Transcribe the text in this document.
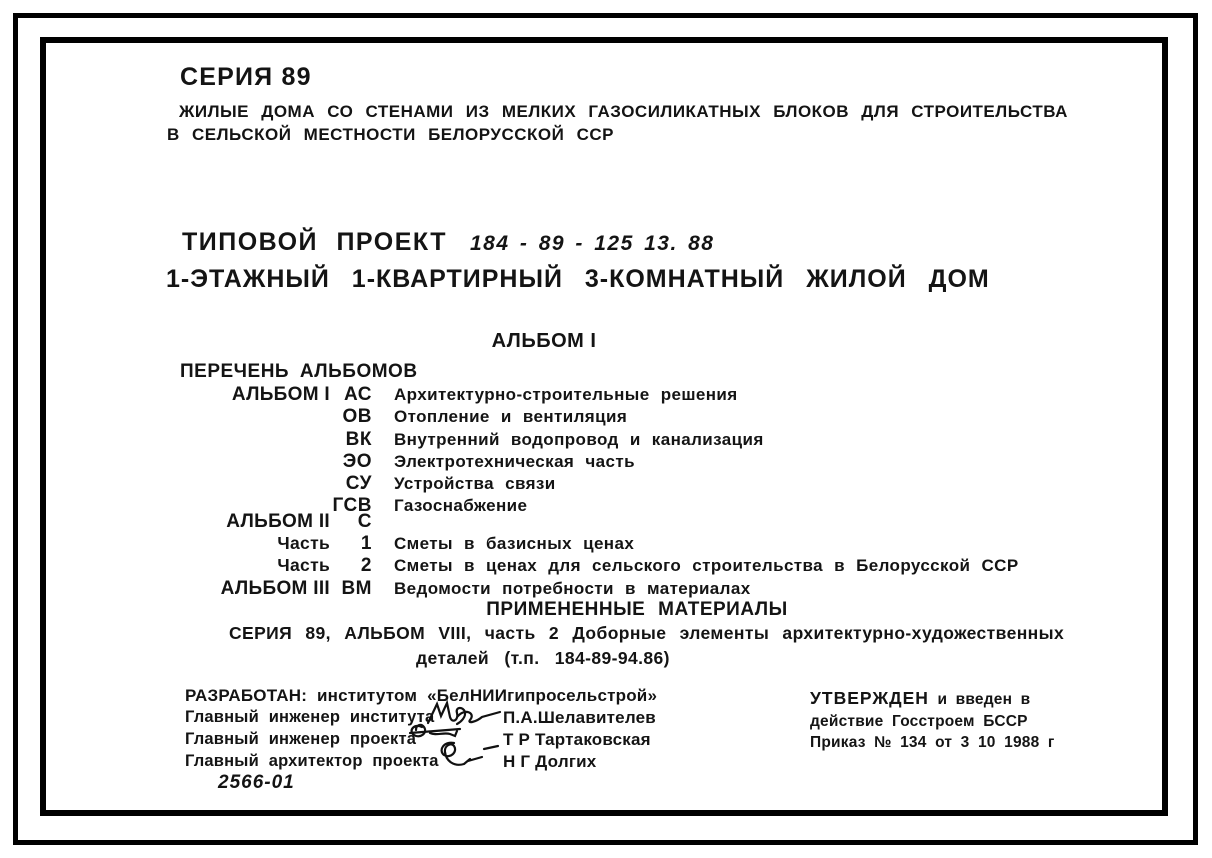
СЕРИЯ 89
ЖИЛЫЕ ДОМА СО СТЕНАМИ ИЗ МЕЛКИХ ГАЗОСИЛИКАТНЫХ БЛОКОВ ДЛЯ СТРОИТЕЛЬСТВА
В СЕЛЬСКОЙ МЕСТНОСТИ БЕЛОРУССКОЙ ССР
ТИПОВОЙ ПРОЕКТ 184 - 89 - 125 13. 88
1-ЭТАЖНЫЙ 1-КВАРТИРНЫЙ 3-КОМНАТНЫЙ ЖИЛОЙ ДОМ
АЛЬБОМ I
ПЕРЕЧЕНЬ АЛЬБОМОВ
АЛЬБОМ I АС Архитектурно-строительные решения
ОВ Отопление и вентиляция
ВК Внутренний водопровод и канализация
ЭО Электротехническая часть
СУ Устройства связи
ГСВ Газоснабжение
АЛЬБОМ II	С
Часть	1 Сметы в базисных ценах
Часть	2 Сметы в ценах для сельского строительства в Белорусской ССР
АЛЬБОМ III ВМ Ведомости потребности в материалах
ПРИМЕНЕННЫЕ МАТЕРИАЛЫ
СЕРИЯ 89, АЛЬБОМ VIII, часть 2 Доборные элементы архитектурно-художественных
деталей (т.п. 184-89-94.86)
РАЗРАБОТАН: институтом «БелНИИгипросельстрой»
Главный инженер института	П.А.Шелавителев
Главный инженер проекта	Т Р Тартаковская
Главный архитектор проекта	Н Г Долгих
2566-01
УТВЕРЖДЕН и введен в
действие Госстроем БССР
Приказ № 134 от 3 10 1988 г
